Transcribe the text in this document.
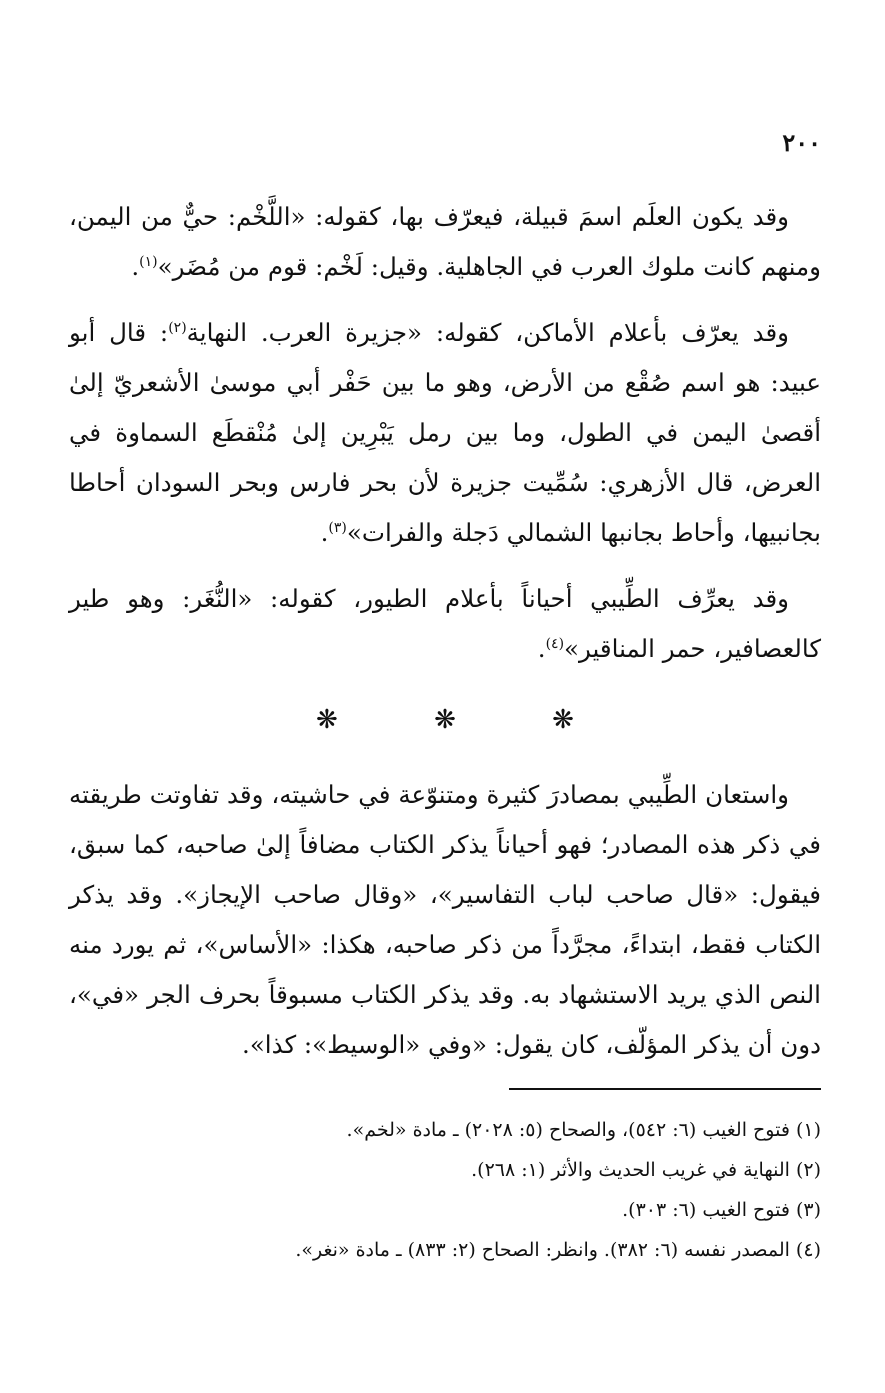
٢٠٠

وقد يكون العلَم اسمَ قبيلة، فيعرّف بها، كقوله: «اللَّخْم: حيٌّ من اليمن، ومنهم كانت ملوك العرب في الجاهلية. وقيل: لَخْم: قوم من مُضَر»$^{(١)}$.

وقد يعرّف بأعلام الأماكن، كقوله: «جزيرة العرب. النهاية$^{(٢)}$: قال أبو عبيد: هو اسم صُقْع من الأرض، وهو ما بين حَفْر أبي موسىٰ الأشعريّ إلىٰ أقصىٰ اليمن في الطول، وما بين رمل يَبْرِين إلىٰ مُنْقطَع السماوة في العرض، قال الأزهري: سُمِّيت جزيرة لأن بحر فارس وبحر السودان أحاطا بجانبيها، وأحاط بجانبها الشمالي دَجلة والفرات»$^{(٣)}$.

وقد يعرِّف الطِّيبي أحياناً بأعلام الطيور، كقوله: «النُّغَر: وهو طير كالعصافير، حمر المناقير»$^{(٤)}$.

❋ ❋ ❋

واستعان الطِّيبي بمصادرَ كثيرة ومتنوّعة في حاشيته، وقد تفاوتت طريقته في ذكر هذه المصادر؛ فهو أحياناً يذكر الكتاب مضافاً إلىٰ صاحبه، كما سبق، فيقول: «قال صاحب لباب التفاسير»، «وقال صاحب الإيجاز». وقد يذكر الكتاب فقط، ابتداءً، مجرَّداً من ذكر صاحبه، هكذا: «الأساس»، ثم يورد منه النص الذي يريد الاستشهاد به. وقد يذكر الكتاب مسبوقاً بحرف الجر «في»، دون أن يذكر المؤلّف، كان يقول: «وفي «الوسيط»: كذا».

(١) فتوح الغيب (٦: ٥٤٢)، والصحاح (٥: ٢٠٢٨) ـ مادة «لخم».
(٢) النهاية في غريب الحديث والأثر (١: ٢٦٨).
(٣) فتوح الغيب (٦: ٣٠٣).
(٤) المصدر نفسه (٦: ٣٨٢). وانظر: الصحاح (٢: ٨٣٣) ـ مادة «نغر».
